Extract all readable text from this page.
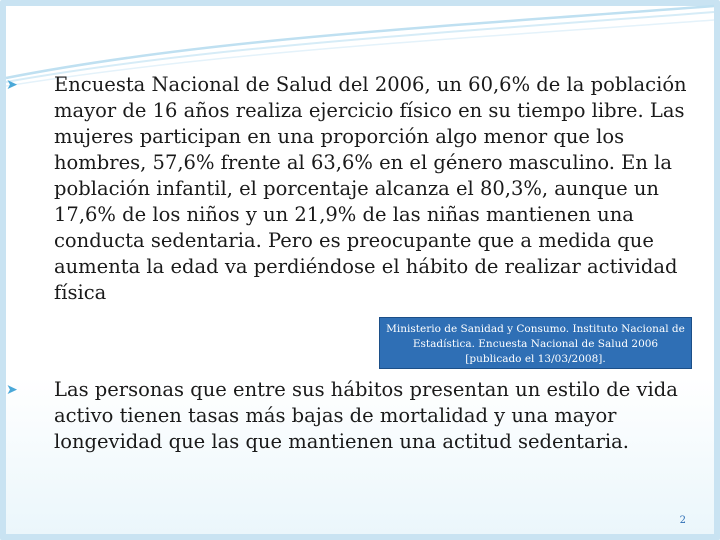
➤ Encuesta Nacional de Salud del 2006, un 60,6% de la población mayor de 16 años realiza ejercicio físico en su tiempo libre. Las mujeres participan en una proporción algo menor que los hombres, 57,6% frente al 63,6% en el género masculino. En la población infantil, el porcentaje alcanza el 80,3%, aunque un 17,6% de los niños y un 21,9% de las niñas mantienen una conducta sedentaria. Pero es preocupante que a medida que aumenta la edad va perdiéndose el hábito de realizar actividad física
Ministerio de Sanidad y Consumo. Instituto Nacional de Estadística. Encuesta Nacional de Salud 2006 [publicado el 13/03/2008].
➤ Las personas que entre sus hábitos presentan un estilo de vida activo tienen tasas más bajas de mortalidad y una mayor longevidad que las que mantienen una actitud sedentaria.
2
